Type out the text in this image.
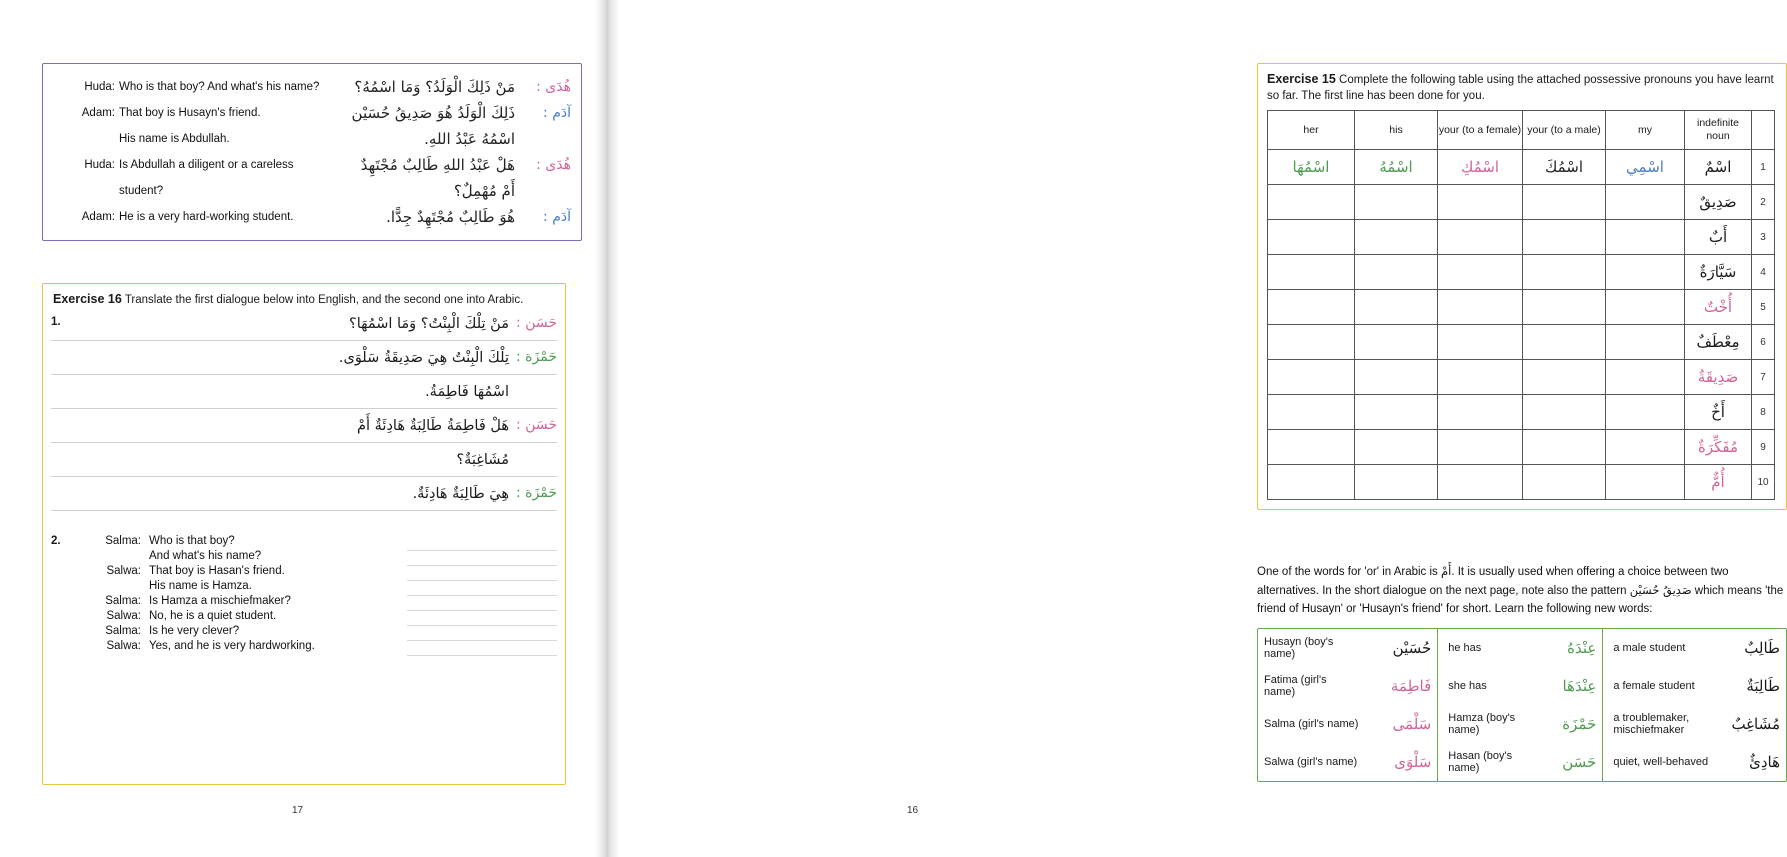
Huda:	Who is that boy? And what's his name?	مَنْ ذَلِكَ الْوَلَدُ؟ وَمَا اسْمُهُ؟	هُدَى :
Adam:	That boy is Husayn's friend.	ذَلِكَ الْوَلَدُ هُوَ صَدِيقُ حُسَيْن	آدَم :
	His name is Abdullah.	اسْمُهُ عَبْدُ اللهِ.	
Huda:	Is Abdullah a diligent or a careless	هَلْ عَبْدُ اللهِ طَالِبٌ مُجْتَهِدٌ	هُدَى :
	student?	أَمْ مُهْمِلٌ؟	
Adam:	He is a very hard-working student.	هُوَ طَالِبٌ مُجْتَهِدٌ جِدًّا.	آدَم :
Exercise 16 Translate the first dialogue below into English, and the second one into Arabic.
1.	حَسَن :
مَنْ تِلْكَ الْبِنْتُ؟ وَمَا اسْمُهَا؟
حَمْزَة :
تِلْكَ الْبِنْتُ هِيَ صَدِيقَةُ سَلْوَى.
اسْمُهَا فَاطِمَةُ.
حَسَن :
هَلْ فَاطِمَةُ طَالِبَةٌ هَادِئَةٌ أَمْ
مُشَاغِبَةٌ؟
حَمْزَة :
هِيَ طَالِبَةٌ هَادِئَةٌ.
2.	Salma:	Who is that boy?	
	And what's his name?	
Salwa:	That boy is Hasan's friend.	
	His name is Hamza.	
Salma:	Is Hamza a mischiefmaker?	
Salwa:	No, he is a quiet student.	
Salma:	Is he very clever?	
Salwa:	Yes, and he is very hardworking.	
17
Exercise 15 Complete the following table using the attached possessive pronouns you have learnt so far. The first line has been done for you.
her	his	your (to a female)	your (to a male)	my	indefinite noun	
اسْمُهَا	اسْمُهُ	اسْمُكِ	اسْمُكَ	اسْمِي	اسْمٌ	1
					صَدِيقٌ	2
					أَبٌ	3
					سَيَّارَةٌ	4
					أُخْتٌ	5
					مِعْطَفٌ	6
					صَدِيقَةٌ	7
					أَخٌ	8
					مُفَكِّرَةٌ	9
					أُمٌّ	10
One of the words for 'or' in Arabic is أَمْ. It is usually used when offering a choice between two alternatives. In the short dialogue on the next page, note also the pattern صَدِيقُ حُسَيْن which means 'the friend of Husayn' or 'Husayn's friend' for short. Learn the following new words:
Husayn (boy's name)	حُسَيْن	he has	عِنْدَهُ	a male student	طَالِبٌ
Fatima (girl's name)	فَاطِمَة	she has	عِنْدَهَا	a female student	طَالِبَةٌ
Salma (girl's name)	سَلْمَى	Hamza (boy's name)	حَمْزَة	a troublemaker, mischiefmaker	مُشَاغِبٌ
Salwa (girl's name)	سَلْوَى	Hasan (boy's name)	حَسَن	quiet, well-behaved	هَادِئٌ
16
